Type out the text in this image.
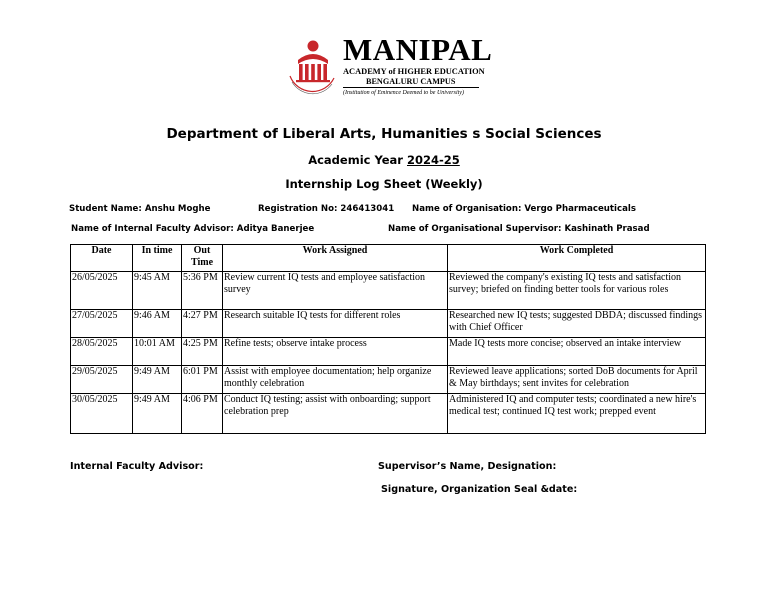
MANIPAL
ACADEMY of HIGHER EDUCATION
BENGALURU CAMPUS
(Institution of Eminence Deemed to be University)
Department of Liberal Arts, Humanities s Social Sciences
Academic Year 2024-25
Internship Log Sheet (Weekly)
Student Name: Anshu Moghe	Registration No: 246413041 Name of Organisation: Vergo Pharmaceuticals
Name of Internal Faculty Advisor: Aditya Banerjee	Name of Organisational Supervisor: Kashinath Prasad
Date	In time	Out Time	Work Assigned	Work Completed
26/05/2025	9:45 AM	5:36 PM	Review current IQ tests and employee satisfaction survey	Reviewed the company's existing IQ tests and satisfaction survey; briefed on finding better tools for various roles
27/05/2025	9:46 AM	4:27 PM	Research suitable IQ tests for different roles	Researched new IQ tests; suggested DBDA; discussed findings with Chief Officer
28/05/2025	10:01 AM	4:25 PM	Refine tests; observe intake process	Made IQ tests more concise; observed an intake interview
29/05/2025	9:49 AM	6:01 PM	Assist with employee documentation; help organize monthly celebration	Reviewed leave applications; sorted DoB documents for April & May birthdays; sent invites for celebration
30/05/2025	9:49 AM	4:06 PM	Conduct IQ testing; assist with onboarding; support celebration prep	Administered IQ and computer tests; coordinated a new hire's medical test; continued IQ test work; prepped event
Internal Faculty Advisor:	Supervisor’s Name, Designation:
Signature, Organization Seal &date:
